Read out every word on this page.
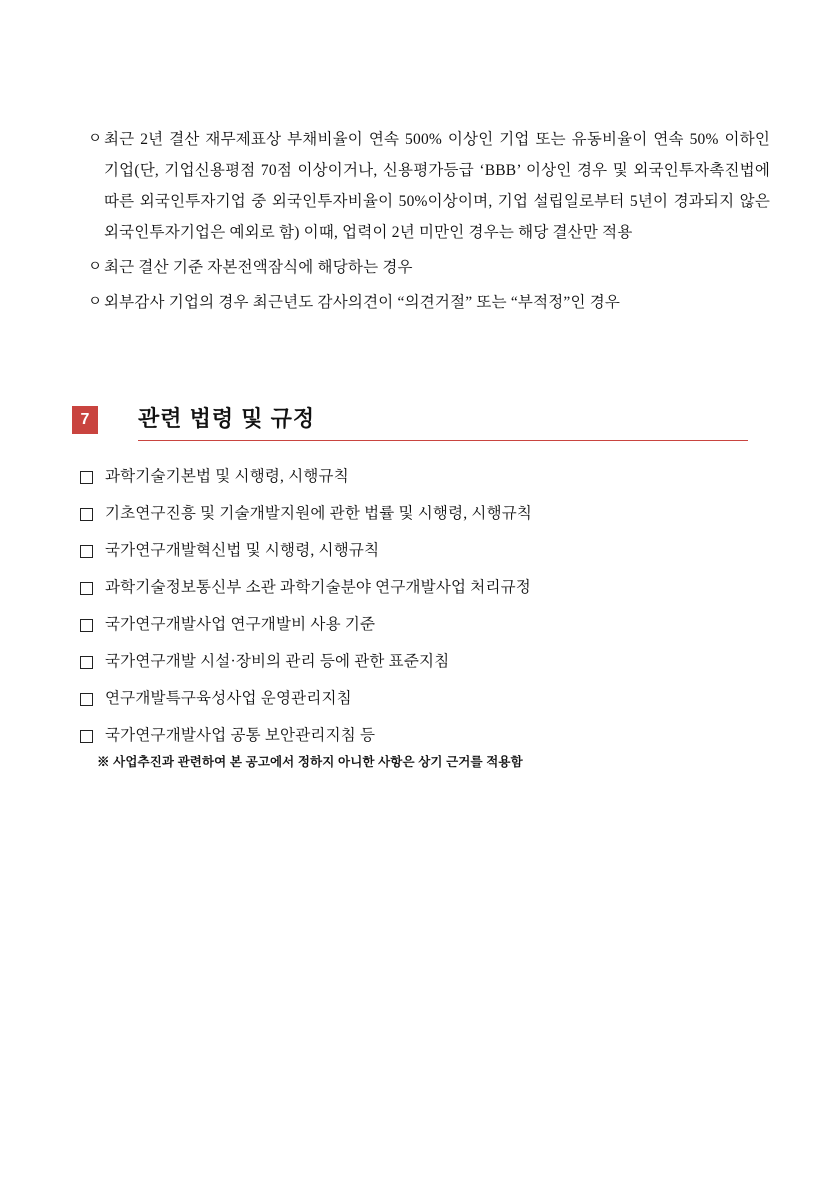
ㅇ 최근 2년 결산 재무제표상 부채비율이 연속 500% 이상인 기업 또는 유동비율이 연속 50% 이하인 기업(단, 기업신용평점 70점 이상이거나, 신용평가등급 ‘BBB’ 이상인 경우 및 외국인투자촉진법에 따른 외국인투자기업 중 외국인투자비율이 50%이상이며, 기업 설립일로부터 5년이 경과되지 않은 외국인투자기업은 예외로 함) 이때, 업력이 2년 미만인 경우는 해당 결산만 적용
ㅇ 최근 결산 기준 자본전액잠식에 해당하는 경우
ㅇ 외부감사 기업의 경우 최근년도 감사의견이 “의견거절” 또는 “부적정”인 경우
7	관련 법령 및 규정
과학기술기본법 및 시행령, 시행규칙
기초연구진흥 및 기술개발지원에 관한 법률 및 시행령, 시행규칙
국가연구개발혁신법 및 시행령, 시행규칙
과학기술정보통신부 소관 과학기술분야 연구개발사업 처리규정
국가연구개발사업 연구개발비 사용 기준
국가연구개발 시설·장비의 관리 등에 관한 표준지침
연구개발특구육성사업 운영관리지침
국가연구개발사업 공통 보안관리지침 등
※ 사업추진과 관련하여 본 공고에서 정하지 아니한 사항은 상기 근거를 적용함
